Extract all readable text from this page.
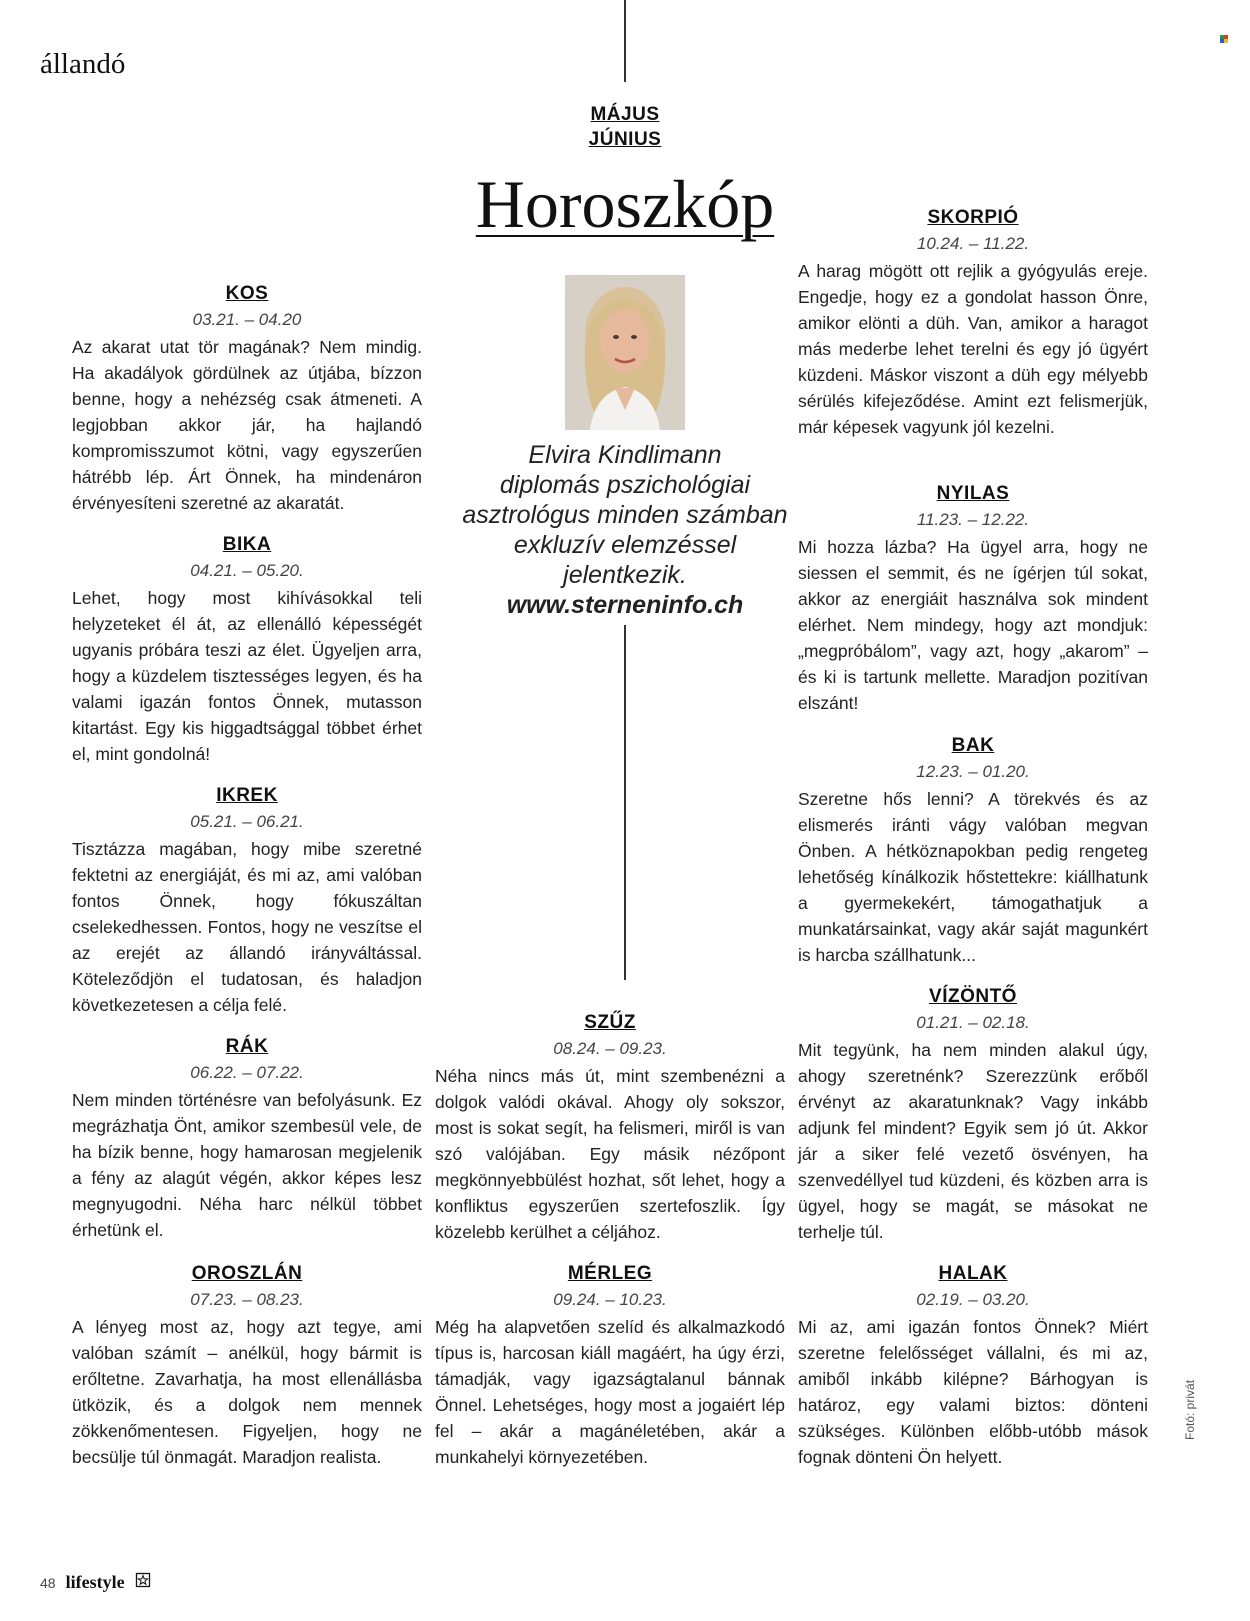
állandó
MÁJUS
JÚNIUS
Horoszkóp
Elvira Kindlimann
diplomás pszichológiai
asztrológus minden számban
exkluzív elemzéssel
jelentkezik.
www.sterneninfo.ch
KOS
03.21. – 04.20
Az akarat utat tör magának? Nem mindig. Ha akadályok gördülnek az útjába, bízzon benne, hogy a nehézség csak átmeneti. A legjobban akkor jár, ha hajlandó kompromisszumot kötni, vagy egyszerűen hátrébb lép. Árt Önnek, ha mindenáron érvényesíteni szeretné az akaratát.
BIKA
04.21. – 05.20.
Lehet, hogy most kihívásokkal teli helyzeteket él át, az ellenálló képességét ugyanis próbára teszi az élet. Ügyeljen arra, hogy a küzdelem tisztességes legyen, és ha valami igazán fontos Önnek, mutasson kitartást. Egy kis higgadtsággal többet érhet el, mint gondolná!
IKREK
05.21. – 06.21.
Tisztázza magában, hogy mibe szeretné fektetni az energiáját, és mi az, ami valóban fontos Önnek, hogy fókuszáltan cselekedhessen. Fontos, hogy ne veszítse el az erejét az állandó irányváltással. Köteleződjön el tudatosan, és haladjon következetesen a célja felé.
RÁK
06.22. – 07.22.
Nem minden történésre van befolyásunk. Ez megrázhatja Önt, amikor szembesül vele, de ha bízik benne, hogy hamarosan megjelenik a fény az alagút végén, akkor képes lesz megnyugodni. Néha harc nélkül többet érhetünk el.
OROSZLÁN
07.23. – 08.23.
A lényeg most az, hogy azt tegye, ami valóban számít – anélkül, hogy bármit is erőltetne. Zavarhatja, ha most ellenállásba ütközik, és a dolgok nem mennek zökkenőmentesen. Figyeljen, hogy ne becsülje túl önmagát. Maradjon realista.
SZŰZ
08.24. – 09.23.
Néha nincs más út, mint szembenézni a dolgok valódi okával. Ahogy oly sokszor, most is sokat segít, ha felismeri, miről is van szó valójában. Egy másik nézőpont megkönnyebbülést hozhat, sőt lehet, hogy a konfliktus egyszerűen szertefoszlik. Így közelebb kerülhet a céljához.
MÉRLEG
09.24. – 10.23.
Még ha alapvetően szelíd és alkalmazkodó típus is, harcosan kiáll magáért, ha úgy érzi, támadják, vagy igazságtalanul bánnak Önnel. Lehetséges, hogy most a jogaiért lép fel – akár a magánéletében, akár a munkahelyi környezetében.
SKORPIÓ
10.24. – 11.22.
A harag mögött ott rejlik a gyógyulás ereje. Engedje, hogy ez a gondolat hasson Önre, amikor elönti a düh. Van, amikor a haragot más mederbe lehet terelni és egy jó ügyért küzdeni. Máskor viszont a düh egy mélyebb sérülés kifejeződése. Amint ezt felismerjük, már képesek vagyunk jól kezelni.
NYILAS
11.23. – 12.22.
Mi hozza lázba? Ha ügyel arra, hogy ne siessen el semmit, és ne ígérjen túl sokat, akkor az energiáit használva sok mindent elérhet. Nem mindegy, hogy azt mondjuk: „megpróbálom”, vagy azt, hogy „akarom” – és ki is tartunk mellette. Maradjon pozitívan elszánt!
BAK
12.23. – 01.20.
Szeretne hős lenni? A törekvés és az elismerés iránti vágy valóban megvan Önben. A hétköznapokban pedig rengeteg lehetőség kínálkozik hőstettekre: kiállhatunk a gyermekekért, támogathatjuk a munkatársainkat, vagy akár saját magunkért is harcba szállhatunk...
VÍZÖNTŐ
01.21. – 02.18.
Mit tegyünk, ha nem minden alakul úgy, ahogy szeretnénk? Szerezzünk erőből érvényt az akaratunknak? Vagy inkább adjunk fel mindent? Egyik sem jó út. Akkor jár a siker felé vezető ösvényen, ha szenvedéllyel tud küzdeni, és közben arra is ügyel, hogy se magát, se másokat ne terhelje túl.
HALAK
02.19. – 03.20.
Mi az, ami igazán fontos Önnek? Miért szeretne felelősséget vállalni, és mi az, amiből inkább kilépne? Bárhogyan is határoz, egy valami biztos: dönteni szükséges. Különben előbb-utóbb mások fognak dönteni Ön helyett.
Fotó: privát
48 lifestyle
